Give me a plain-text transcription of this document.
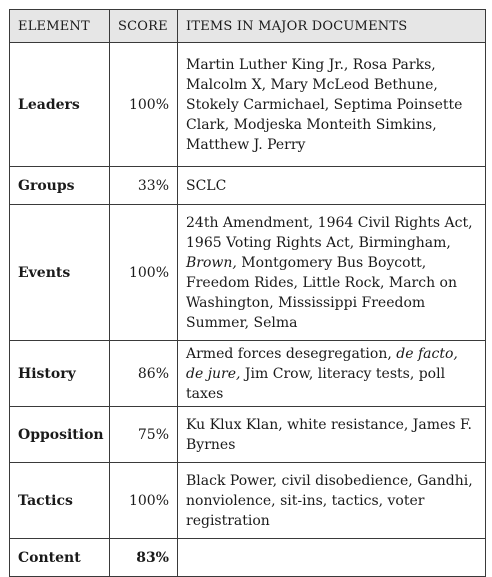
ELEMENT	SCORE	ITEMS IN MAJOR DOCUMENTS
Leaders	100%	Martin Luther King Jr., Rosa Parks, Malcolm X, Mary McLeod Bethune, Stokely Carmichael, Septima Poinsette Clark, Modjeska Monteith Simkins, Matthew J. Perry
Groups	33%	SCLC
Events	100%	24th Amendment, 1964 Civil Rights Act, 1965 Voting Rights Act, Birmingham, Brown, Montgomery Bus Boycott, Freedom Rides, Little Rock, March on Washington, Mississippi Freedom Summer, Selma
History	86%	Armed forces desegregation, de facto, de jure, Jim Crow, literacy tests, poll taxes
Opposition	75%	Ku Klux Klan, white resistance, James F. Byrnes
Tactics	100%	Black Power, civil disobedience, Gandhi, nonviolence, sit-ins, tactics, voter registration
Content	83%	
